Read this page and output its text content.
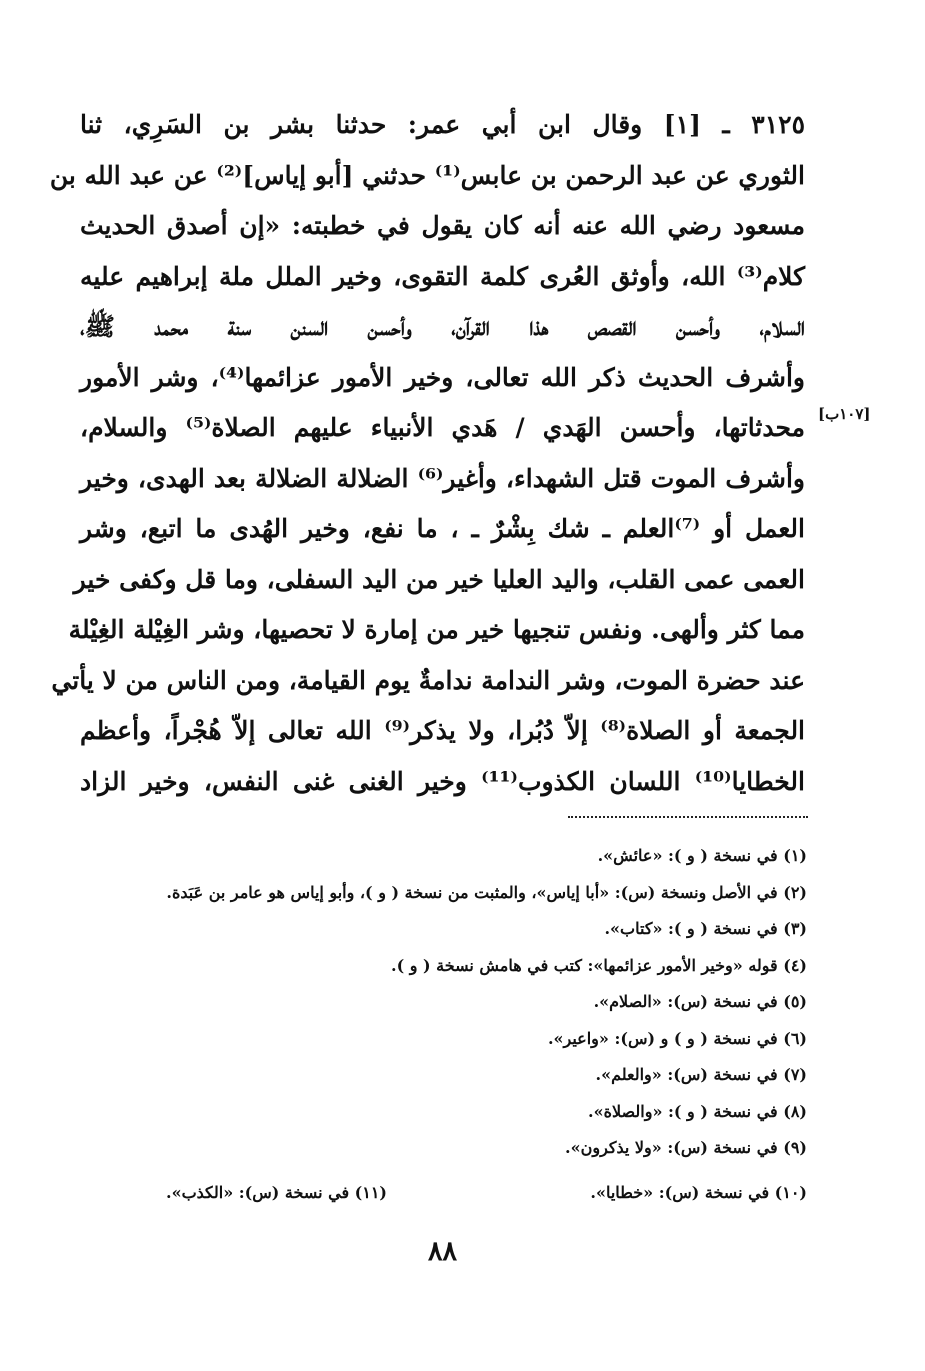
٣١٢٥ ـ [١] وقال ابن أبي عمر: حدثنا بشر بن السَرِي، ثنا
الثوري عن عبد الرحمن بن عابس⁽¹⁾ حدثني [أبو إياس]⁽²⁾ عن عبد الله بن
مسعود رضي الله عنه أنه كان يقول في خطبته: «إن أصدق الحديث
كلام⁽³⁾ الله، وأوثق العُرى كلمة التقوى، وخير الملل ملة إبراهيم عليه
السلام، وأحسن القصص هذا القرآن، وأحسن السنن سنة محمد ﷺ،
وأشرف الحديث ذكر الله تعالى، وخير الأمور عزائمها⁽⁴⁾، وشر الأمور
محدثاتها، وأحسن الهَدي / هَدي الأنبياء عليهم الصلاة⁽⁵⁾ والسلام،
وأشرف الموت قتل الشهداء، وأغير⁽⁶⁾ الضلالة الضلالة بعد الهدى، وخير
العمل أو ⁽⁷⁾العلم ـ شك بِشْرٌ ـ ، ما نفع، وخير الهُدى ما اتبع، وشر
العمى عمى القلب، واليد العليا خير من اليد السفلى، وما قل وكفى خير
مما كثر وألهى. ونفس تنجيها خير من إمارة لا تحصيها، وشر الغِيْلة الغِيْلة
عند حضرة الموت، وشر الندامة ندامةٌ يوم القيامة، ومن الناس من لا يأتي
الجمعة أو الصلاة⁽⁸⁾ إلاّ دُبُرا، ولا يذكر⁽⁹⁾ الله تعالى إلاّ هُجْراً، وأعظم
الخطايا⁽¹⁰⁾ اللسان الكذوب⁽¹¹⁾ وخير الغنى غنى النفس، وخير الزاد
[١٠٧ب]
(١) في نسخة ( و ): «عائش».
(٢) في الأصل ونسخة (س): «أبا إياس»، والمثبت من نسخة ( و )، وأبو إياس هو عامر بن عَبَدة.
(٣) في نسخة ( و ): «كتاب».
(٤) قوله «وخير الأمور عزائمها»: كتب في هامش نسخة ( و ).
(٥) في نسخة (س): «الصلام».
(٦) في نسخة ( و ) و (س): «واعير».
(٧) في نسخة (س): «والعلم».
(٨) في نسخة ( و ): «والصلاة».
(٩) في نسخة (س): «ولا يذكرون».
(١٠) في نسخة (س): «خطايا».
(١١) في نسخة (س): «الكذب».
٨٨
